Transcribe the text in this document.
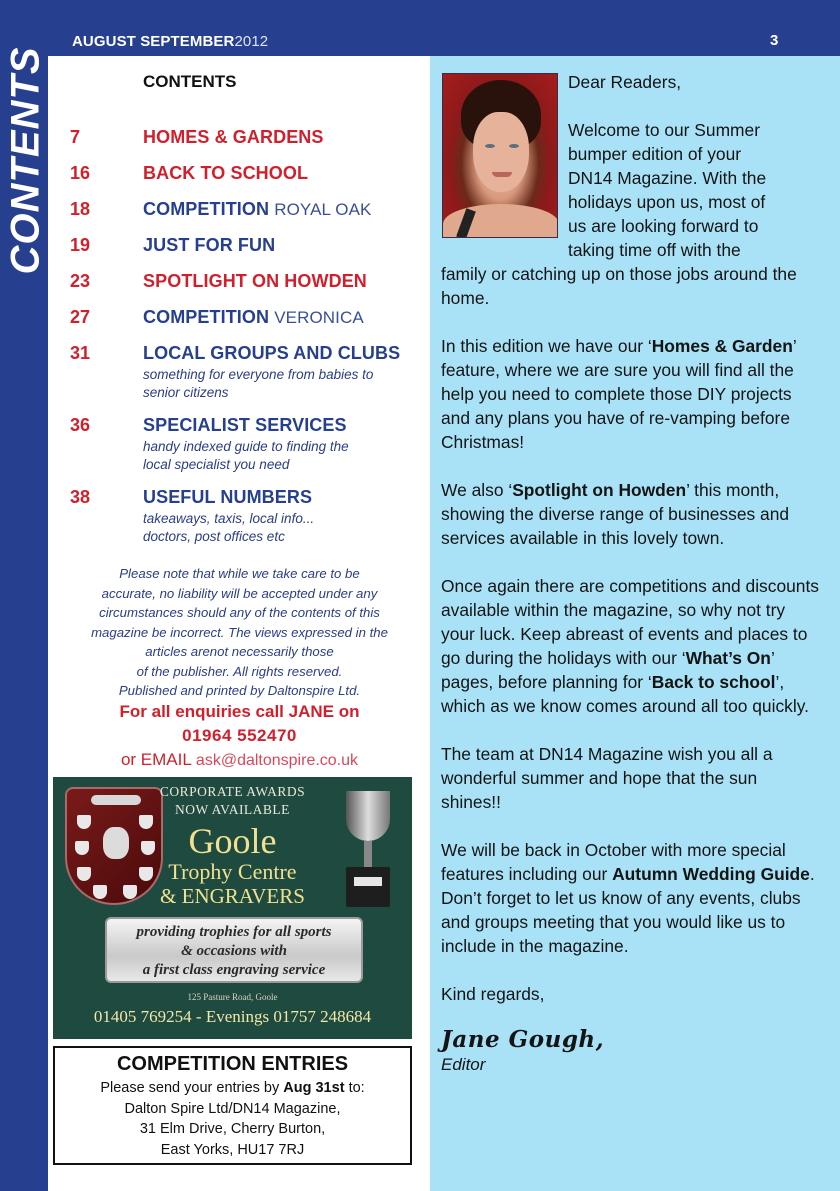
AUGUST SEPTEMBER2012	3
CONTENTS	CONTENTS
7	HOMES & GARDENS
16	BACK TO SCHOOL
18	COMPETITION ROYAL OAK
19	JUST FOR FUN
23	SPOTLIGHT ON HOWDEN
27	COMPETITION VERONICA
31	LOCAL GROUPS AND CLUBS
something for everyone from babies to
senior citizens
36	SPECIALIST SERVICES
handy indexed guide to finding the
local specialist you need
38	USEFUL NUMBERS
takeaways, taxis, local info...
doctors, post offices etc
Please note that while we take care to be
accurate, no liability will be accepted under any
circumstances should any of the contents of this
magazine be incorrect. The views expressed in the
articles arenot necessarily those
of the publisher. All rights reserved.
Published and printed by Daltonspire Ltd.
For all enquiries call JANE on
01964 552470
or EMAIL ask@daltonspire.co.uk
CORPORATE AWARDS
NOW AVAILABLE
Goole
Trophy Centre
& ENGRAVERS
providing trophies for all sports
& occasions with
a first class engraving service
125 Pasture Road, Goole
01405 769254 - Evenings 01757 248684
COMPETITION ENTRIES
Please send your entries by Aug 31st to:
Dalton Spire Ltd/DN14 Magazine,
31 Elm Drive, Cherry Burton,
East Yorks, HU17 7RJ

Dear Readers,

Welcome to our Summer
bumper edition of your
DN14 Magazine. With the
holidays upon us, most of
us are looking forward to
taking time off with the

family or catching up on those jobs around the home.

In this edition we have our ‘Homes & Garden’ feature, where we are sure you will find all the help you need to complete those DIY projects and any plans you have of re-vamping before Christmas!

We also ‘Spotlight on Howden’ this month, showing the diverse range of businesses and services available in this lovely town.

Once again there are competitions and discounts available within the magazine, so why not try your luck. Keep abreast of events and places to go during the holidays with our ‘What’s On’ pages, before planning for ‘Back to school’, which as we know comes around all too quickly.

The team at DN14 Magazine wish you all a wonderful summer and hope that the sun shines!!

We will be back in October with more special features including our Autumn Wedding Guide. Don’t forget to let us know of any events, clubs and groups meeting that you would like us to include in the magazine.

Kind regards,

Jane Gough,
Editor
